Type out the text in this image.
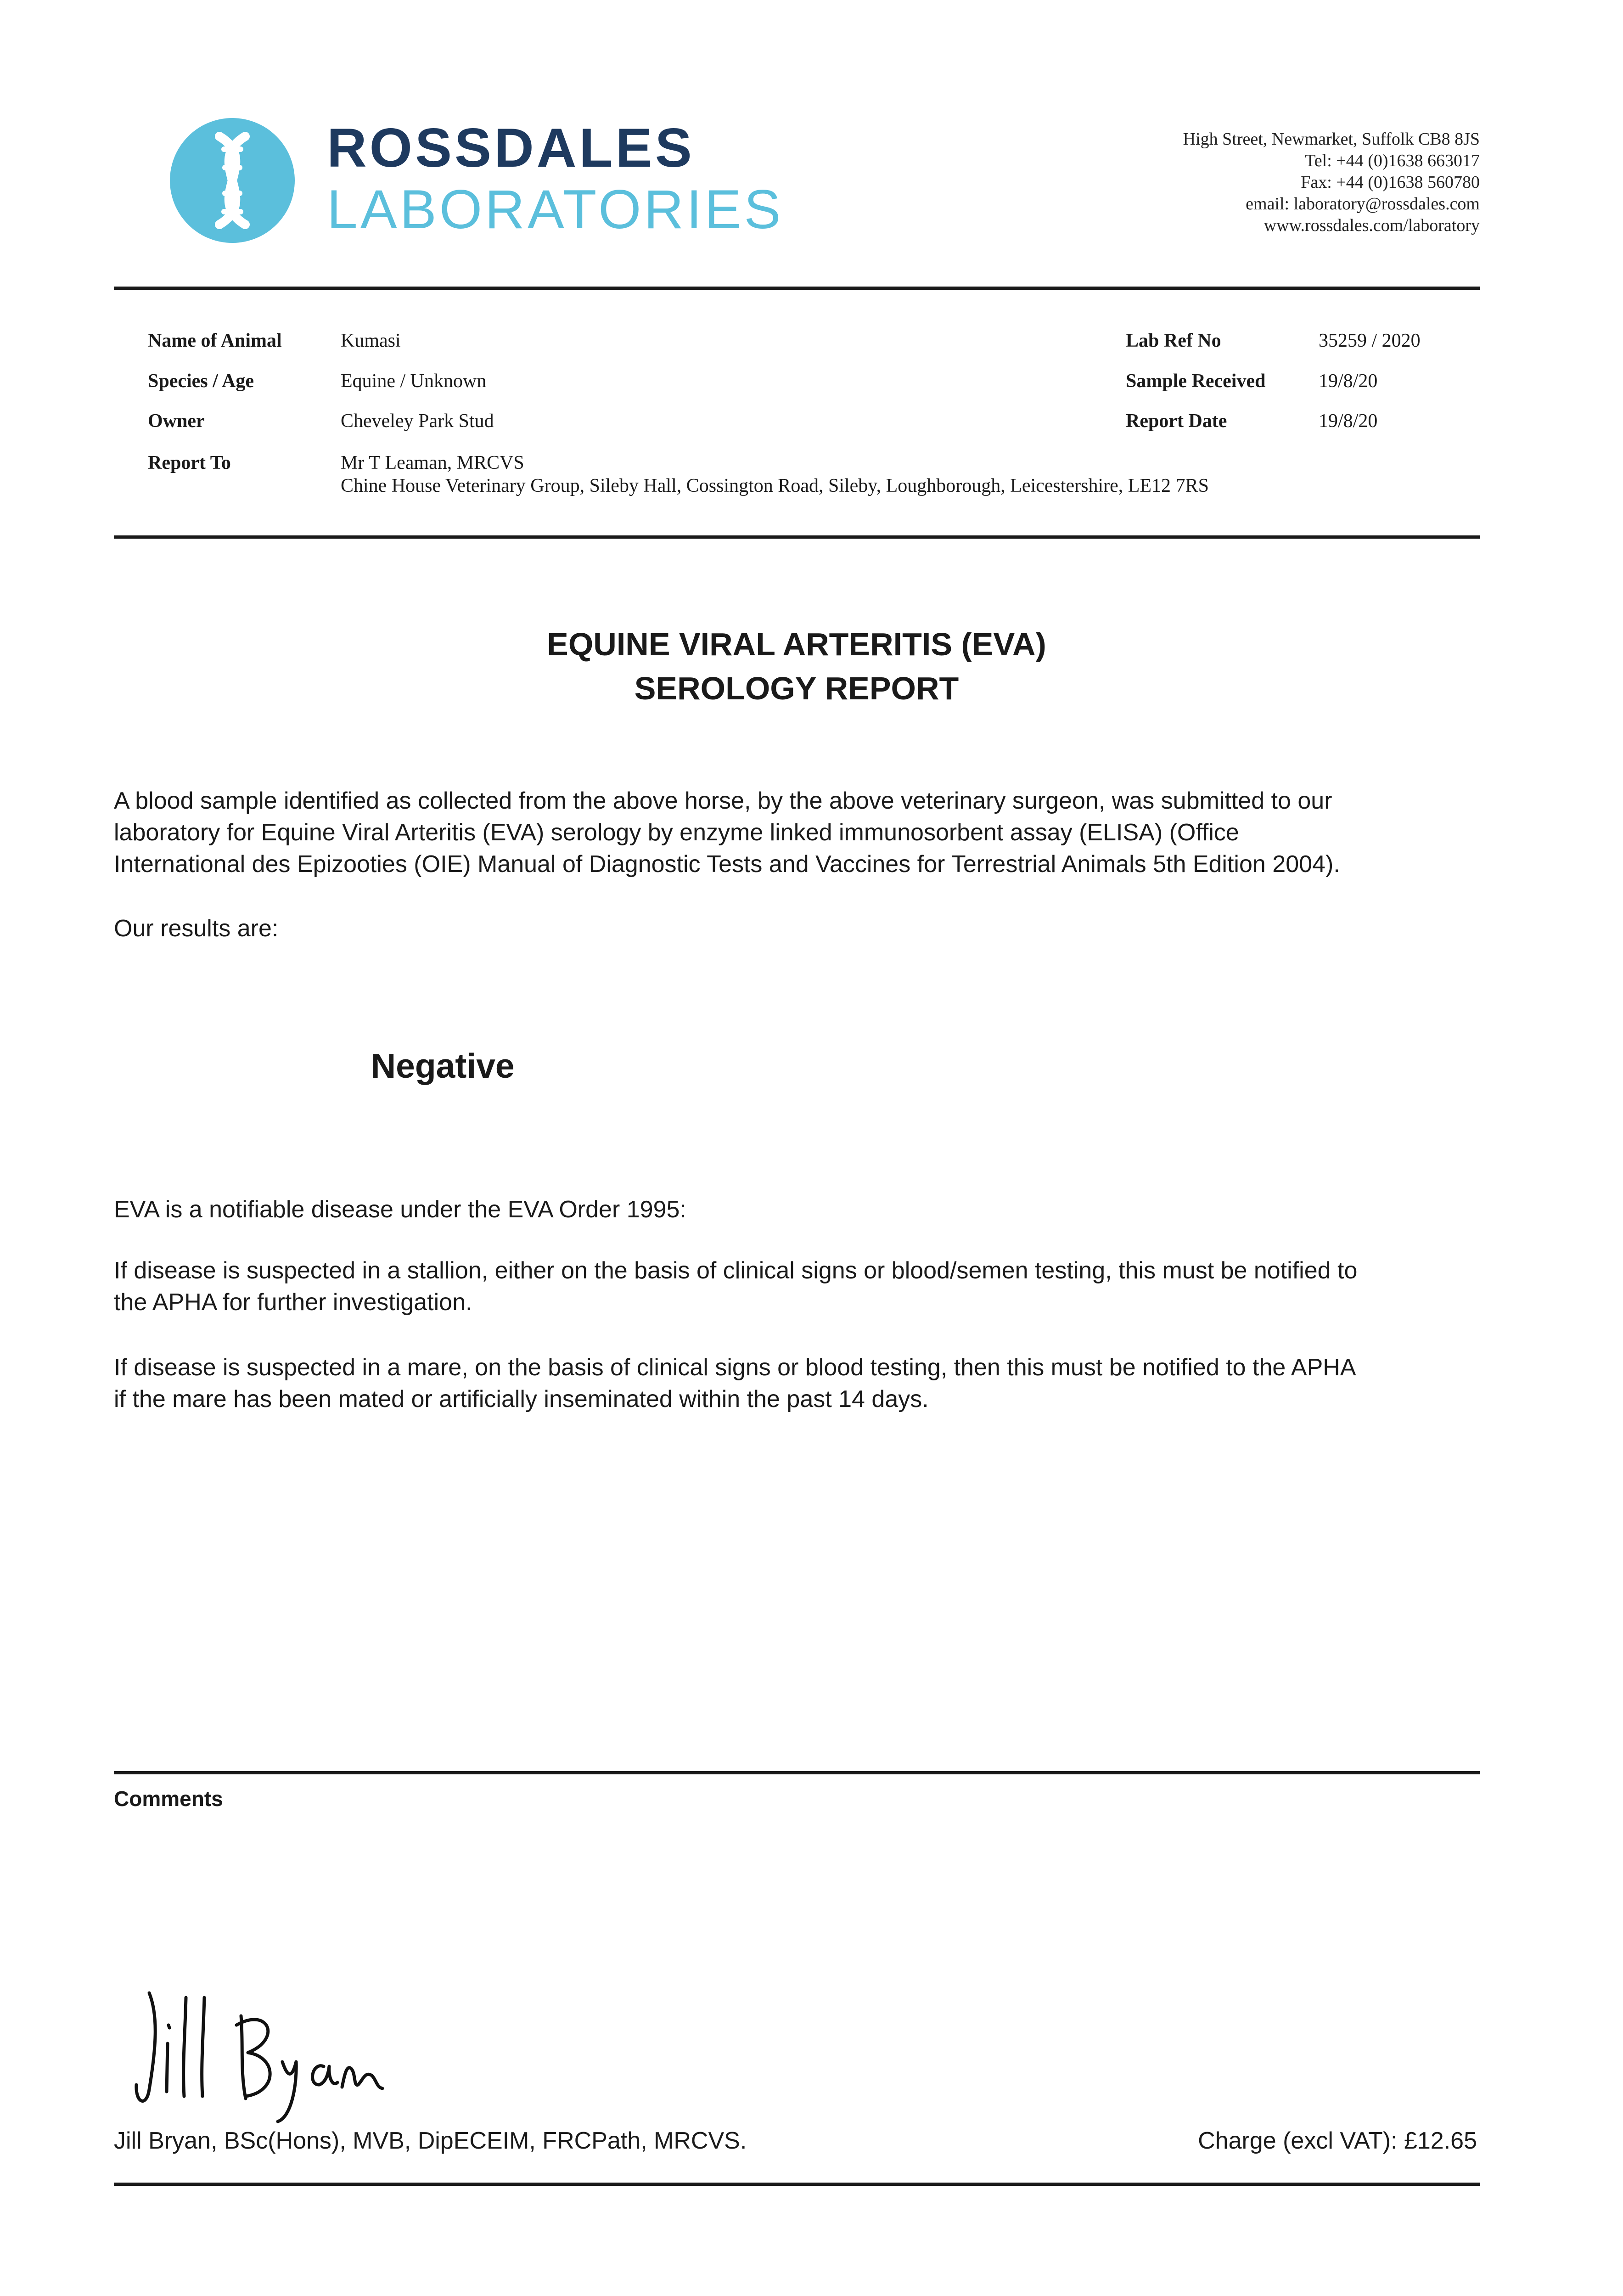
ROSSDALES
LABORATORIES
High Street, Newmarket, Suffolk CB8 8JS
Tel: +44 (0)1638 663017
Fax: +44 (0)1638 560780
email: laboratory@rossdales.com
www.rossdales.com/laboratory
Name of Animal	Kumasi
Species / Age	Equine / Unknown
Owner	Cheveley Park Stud
Report To	Mr T Leaman, MRCVS
Chine House Veterinary Group, Sileby Hall, Cossington Road, Sileby, Loughborough, Leicestershire, LE12 7RS
Lab Ref No	35259 / 2020
Sample Received	19/8/20
Report Date	19/8/20
EQUINE VIRAL ARTERITIS (EVA)
SEROLOGY REPORT
A blood sample identified as collected from the above horse, by the above veterinary surgeon, was submitted to our
laboratory for Equine Viral Arteritis (EVA) serology by enzyme linked immunosorbent assay (ELISA) (Office
International des Epizooties (OIE) Manual of Diagnostic Tests and Vaccines for Terrestrial Animals 5th Edition 2004).
Our results are:
Negative
EVA is a notifiable disease under the EVA Order 1995:
If disease is suspected in a stallion, either on the basis of clinical signs or blood/semen testing, this must be notified to
the APHA for further investigation.
If disease is suspected in a mare, on the basis of clinical signs or blood testing, then this must be notified to the APHA
if the mare has been mated or artificially inseminated within the past 14 days.
Comments
Jill Bryan, BSc(Hons), MVB, DipECEIM, FRCPath, MRCVS.	Charge (excl VAT): £12.65
